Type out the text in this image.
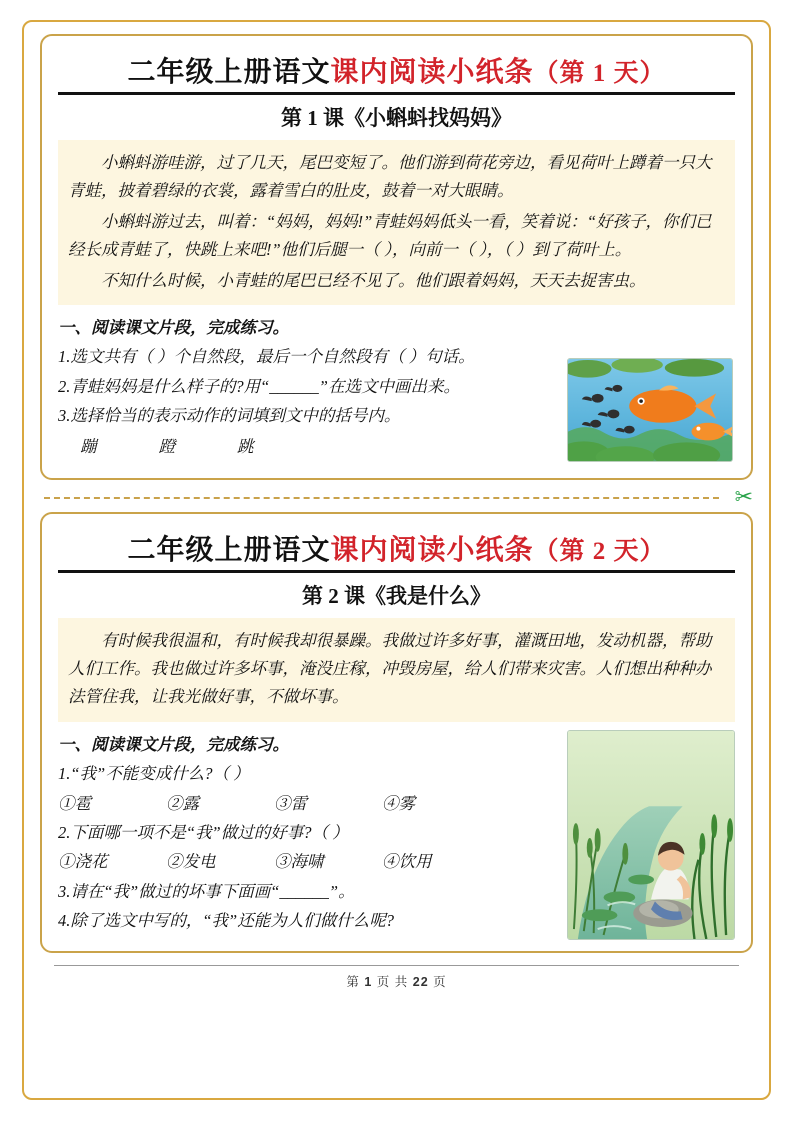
二年级上册语文 课内阅读 小纸条 （第 1 天）
第 1 课《小蝌蚪找妈妈》

小蝌蚪游哇游，过了几天，尾巴变短了。他们游到荷花旁边，看见荷叶上蹲着一只大青蛙，披着碧绿的衣裳，露着雪白的肚皮，鼓着一对大眼睛。

小蝌蚪游过去，叫着：“妈妈，妈妈!”青蛙妈妈低头一看，笑着说：“好孩子，你们已经长成青蛙了，快跳上来吧!”他们后腿一（ ），向前一（ ），（ ）到了荷叶上。

不知什么时候，小青蛙的尾巴已经不见了。他们跟着妈妈，天天去捉害虫。

一、阅读课文片段，完成练习。
1.选文共有（ ）个自然段，最后一个自然段有（ ）句话。
2.青蛙妈妈是什么样子的?用“______”在选文中画出来。
3.选择恰当的表示动作的词填到文中的括号内。
蹦	蹬	跳
✂
二年级上册语文 课内阅读 小纸条 （第 2 天）
第 2 课《我是什么》

有时候我很温和，有时候我却很暴躁。我做过许多好事，灌溉田地，发动机器，帮助人们工作。我也做过许多坏事，淹没庄稼，冲毁房屋，给人们带来灾害。人们想出种种办法管住我，让我光做好事，不做坏事。

一、阅读课文片段，完成练习。
1.“我”不能变成什么?（ ）
①雹	②露	③雷	④雾
2.下面哪一项不是“我”做过的好事?（ ）
①浇花	②发电	③海啸	④饮用
3.请在“我”做过的坏事下面画“______”。
4.除了选文中写的，“我”还能为人们做什么呢?
第 1 页 共 22 页
